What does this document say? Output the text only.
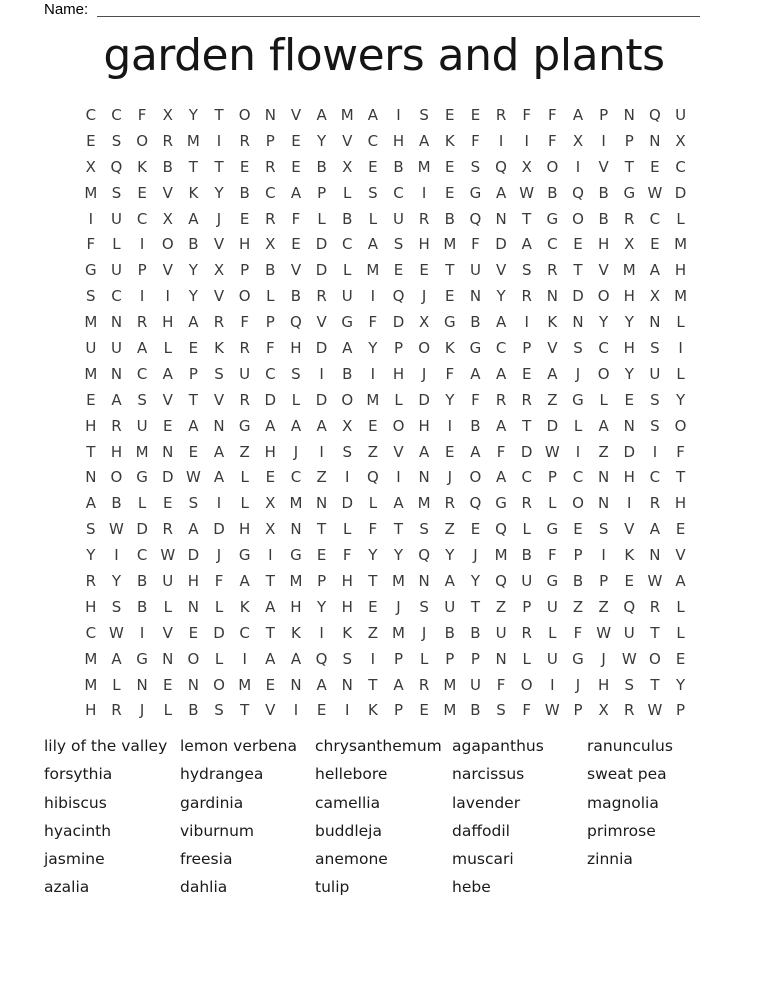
Name:
garden flowers and plants
C	C	F	X	Y	T	O N V	A M A	I	S	E	E	R	F	F	A	P	N Q U
E	S O R M	I	R	P	E	Y	V	C H A	K	F	I	I	F	X	I	P	N X
X Q K	B	T	T	E	R	E	B	X	E	B M E	S Q X O	I	V	T	E	C
M S	E	V	K	Y	B	C	A	P	L	S	C	I	E	G A W B Q B G W D
I	U C	X	A	J	E	R	F	L	B	L	U R	B Q N	T	G O B	R	C	L
F	L	I	O B	V H X	E	D C	A	S	H M F	D A	C	E	H X	E M
G U	P	V	Y	X	P	B	V D	L M E	E	T	U	V	S	R	T	V M A H
S	C	I	I	Y	V O	L	B	R U	I	Q	J	E	N	Y	R N D O H X M
M N R H A	R	F	P	Q V G	F	D X G B	A	I	K	N	Y	Y	N	L
U U	A	L	E	K	R	F	H D A	Y	P	O K G C	P	V	S	C H	S	I
M N C	A	P	S	U C	S	I	B	I	H	J	F	A	A	E	A	J	O	Y	U	L
E	A	S	V	T	V	R D	L	D O M L	D	Y	F	R	R	Z G	L	E	S	Y
H R U	E	A N G A	A	A	X	E O H	I	B	A	T	D	L	A N	S O
T	H M N	E	A	Z H	J	I	S	Z	V	A	E	A	F	D W	I	Z D	I	F
N O G D W A	L	E	C	Z	I	Q	I	N	J	O A	C	P	C N H C	T
A	B	L	E	S	I	L	X M N D	L	A M R Q G R	L	O N	I	R H
S W D R	A D H X N	T	L	F	T	S	Z	E Q	L	G	E	S	V	A	E
Y	I	C W D	J	G	I	G	E	F	Y	Y	Q	Y	J	M B	F	P	I	K	N V
R	Y	B	U H	F	A	T M P	H	T M N A	Y	Q U G B	P	E W A
H	S	B	L	N	L	K	A H	Y	H	E	J	S	U	T	Z	P	U	Z	Z Q R	L
C W	I	V	E	D C	T	K	I	K	Z M	J	B	B	U R	L	F W U	T	L
M A G N O	L	I	A	A Q S	I	P	L	P	P	N	L	U G	J	W O	E
M L	N	E	N O M E	N A N	T	A	R M U	F	O	I	J	H	S	T	Y
H R	J	L	B	S	T	V	I	E	I	K	P	E M B	S	F W P	X	R W P
lily of the valley
forsythia
hibiscus
hyacinth
jasmine
azalia
lemon verbena
hydrangea
gardinia
viburnum
freesia
dahlia
chrysanthemum
hellebore
camellia
buddleja
anemone
tulip
agapanthus
narcissus
lavender
daffodil
muscari
hebe
ranunculus
sweat pea
magnolia
primrose
zinnia
